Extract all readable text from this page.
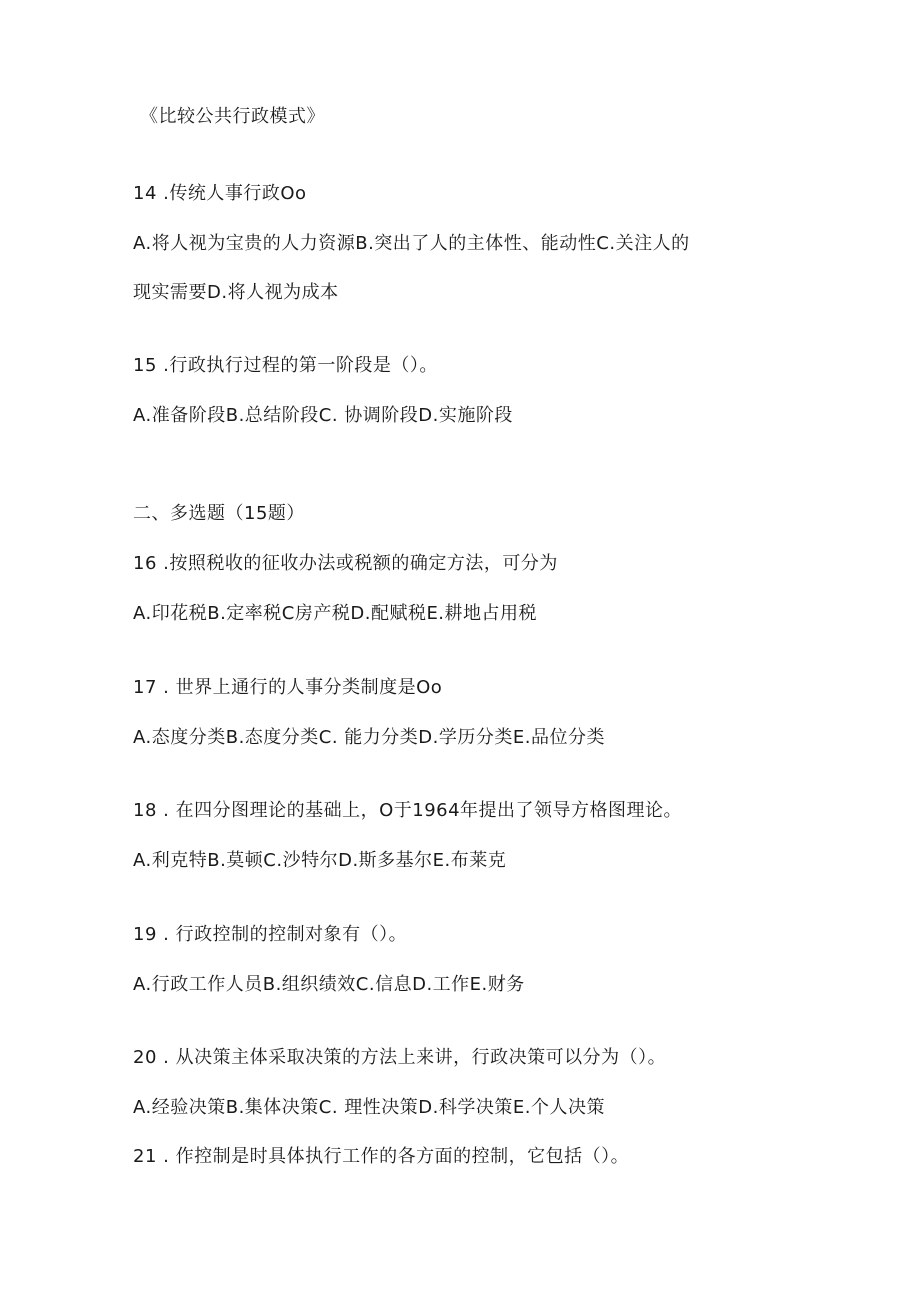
《比较公共行政模式》
14 .传统人事行政Oo
A.将人视为宝贵的人力资源B.突出了人的主体性、能动性C.关注人的
现实需要D.将人视为成本
15 .行政执行过程的第一阶段是（）。
A.准备阶段B.总结阶段C. 协调阶段D.实施阶段
二、多选题（15题）
16 .按照税收的征收办法或税额的确定方法，可分为
A.印花税B.定率税C房产税D.配赋税E.耕地占用税
17 . 世界上通行的人事分类制度是Oo
A.态度分类B.态度分类C. 能力分类D.学历分类E.品位分类
18 . 在四分图理论的基础上，O于1964年提出了领导方格图理论。
A.利克特B.莫顿C.沙特尔D.斯多基尔E.布莱克
19 . 行政控制的控制对象有（）。
A.行政工作人员B.组织绩效C.信息D.工作E.财务
20 . 从决策主体采取决策的方法上来讲，行政决策可以分为（）。
A.经验决策B.集体决策C. 理性决策D.科学决策E.个人决策
21 . 作控制是时具体执行工作的各方面的控制，它包括（）。
